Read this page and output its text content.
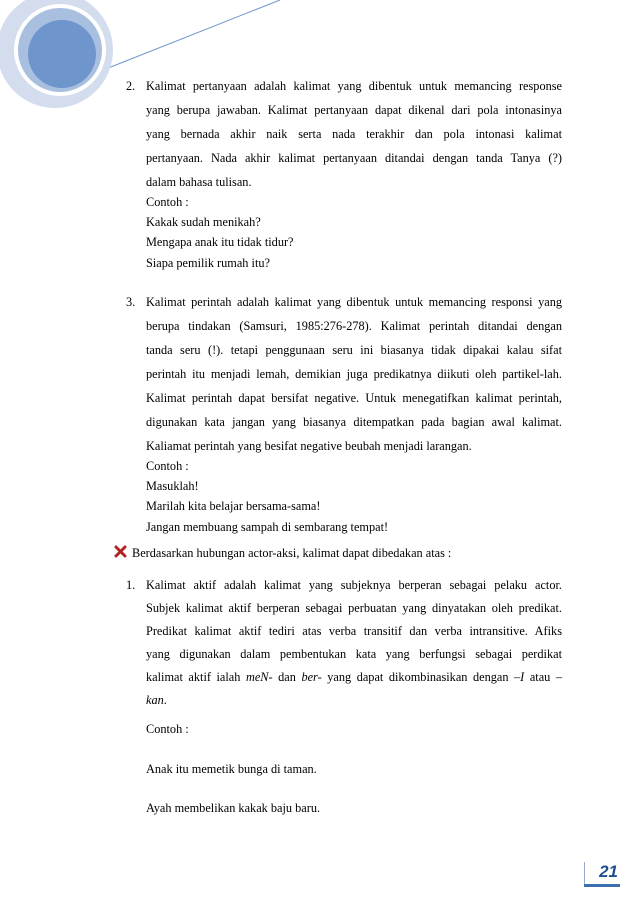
2. Kalimat pertanyaan adalah kalimat yang dibentuk untuk memancing response
yang berupa jawaban. Kalimat pertanyaan dapat dikenal dari pola intonasinya
yang bernada akhir naik serta nada terakhir dan pola intonasi kalimat
pertanyaan. Nada akhir kalimat pertanyaan ditandai dengan tanda Tanya (?)
dalam bahasa tulisan.
Contoh :
Kakak sudah menikah?
Mengapa anak itu tidak tidur?
Siapa pemilik rumah itu?
3. Kalimat perintah adalah kalimat yang dibentuk untuk memancing responsi yang
berupa tindakan (Samsuri, 1985:276-278). Kalimat perintah ditandai dengan
tanda seru (!). tetapi penggunaan seru ini biasanya tidak dipakai kalau sifat
perintah itu menjadi lemah, demikian juga predikatnya diikuti oleh partikel-lah.
Kalimat perintah dapat bersifat negative. Untuk menegatifkan kalimat perintah,
digunakan kata jangan yang biasanya ditempatkan pada bagian awal kalimat.
Kaliamat perintah yang besifat negative beubah menjadi larangan.
Contoh :
Masuklah!
Marilah kita belajar bersama-sama!
Jangan membuang sampah di sembarang tempat!
Berdasarkan hubungan actor-aksi, kalimat dapat dibedakan atas :
1. Kalimat aktif adalah kalimat yang subjeknya berperan sebagai pelaku actor.
Subjek kalimat aktif berperan sebagai perbuatan yang dinyatakan oleh predikat.
Predikat kalimat aktif tediri atas verba transitif dan verba intransitive. Afiks
yang digunakan dalam pembentukan kata yang berfungsi sebagai perdikat
kalimat aktif ialah meN- dan ber- yang dapat dikombinasikan dengan –I atau –
kan.
Contoh :
Anak itu memetik bunga di taman.
Ayah membelikan kakak baju baru.
21
